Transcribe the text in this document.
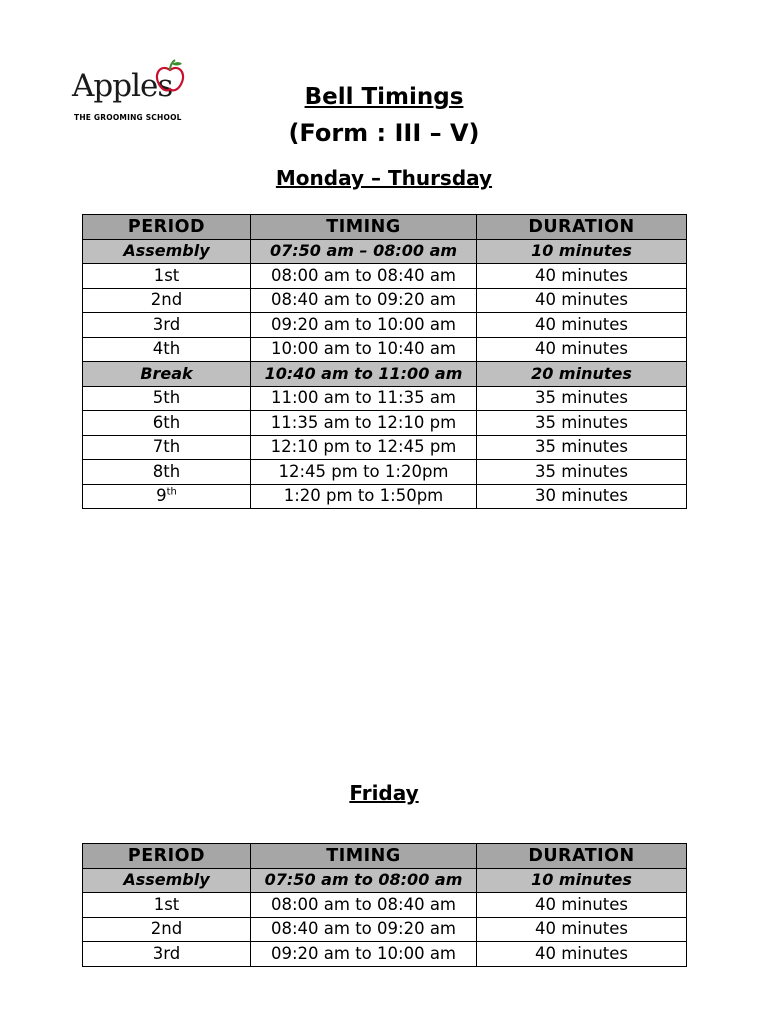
Apples
THE GROOMING SCHOOL
Bell Timings
(Form : III – V)
Monday – Thursday
PERIOD	TIMING	DURATION
Assembly	07:50 am – 08:00 am	10 minutes
1st	08:00 am to 08:40 am	40 minutes
2nd	08:40 am to 09:20 am	40 minutes
3rd	09:20 am to 10:00 am	40 minutes
4th	10:00 am to 10:40 am	40 minutes
Break	10:40 am to 11:00 am	20 minutes
5th	11:00 am to 11:35 am	35 minutes
6th	11:35 am to 12:10 pm	35 minutes
7th	12:10 pm to 12:45 pm	35 minutes
8th	12:45 pm to 1:20pm	35 minutes
9th	1:20 pm to 1:50pm	30 minutes
Friday
PERIOD	TIMING	DURATION
Assembly	07:50 am to 08:00 am	10 minutes
1st	08:00 am to 08:40 am	40 minutes
2nd	08:40 am to 09:20 am	40 minutes
3rd	09:20 am to 10:00 am	40 minutes
